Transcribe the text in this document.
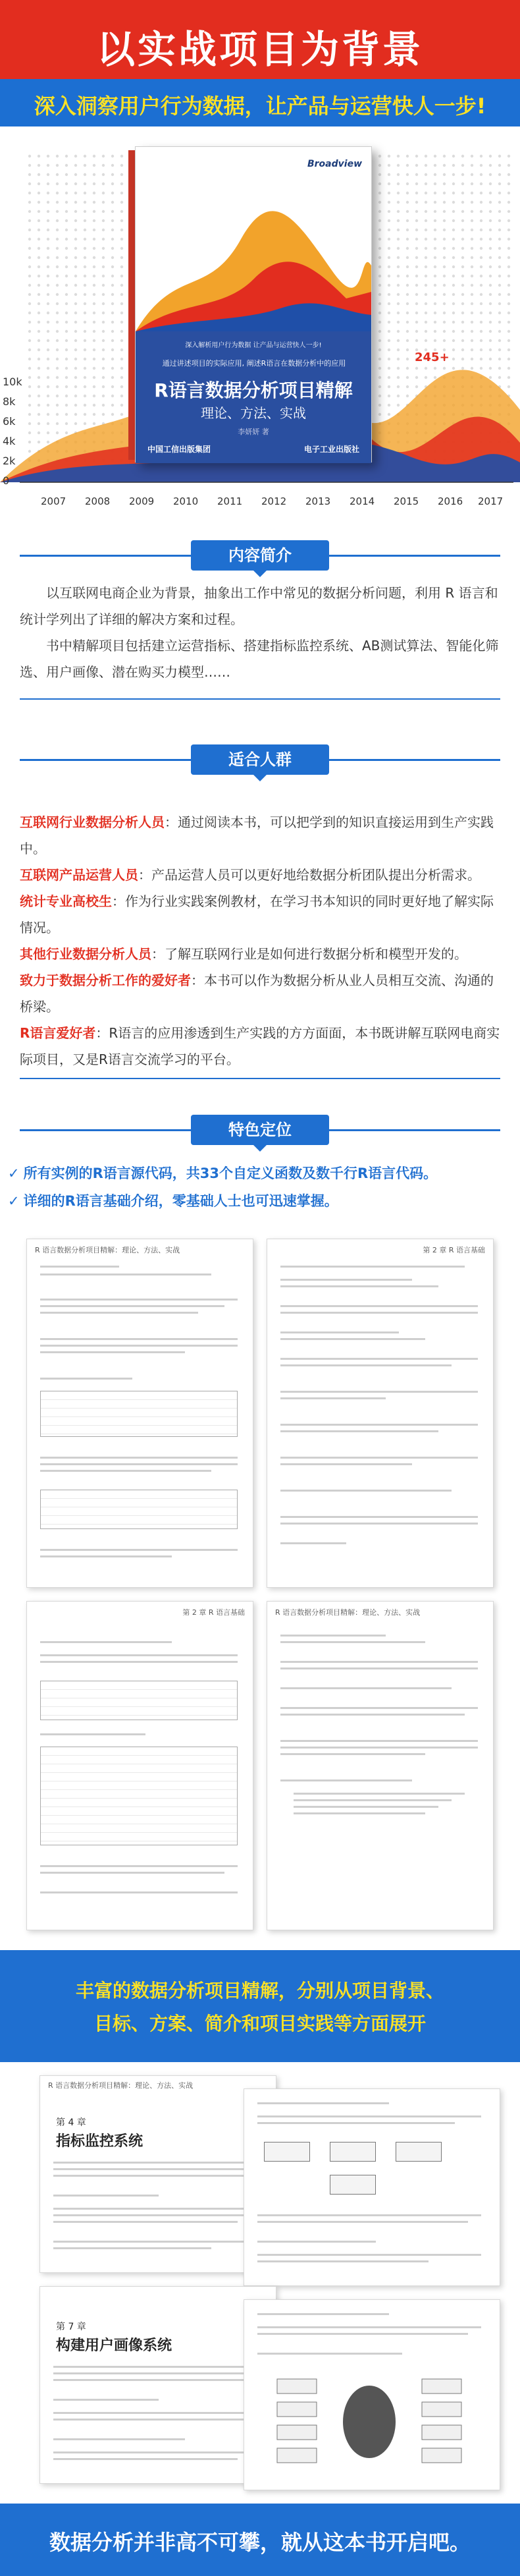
以实战项目为背景
深入洞察用户行为数据，让产品与运营快人一步!
10k
8k
6k
4k
2k
0
2007 2008 2009 2010 2011 2012 2013 2014 2015 2016 2017
245+
Broadview
深入解析用户行为数据 让产品与运营快人一步!
通过讲述项目的实际应用, 阐述R语言在数据分析中的应用
R语言数据分析项目精解
理论、方法、实战
李妍妍 著
中国工信出版集团	电子工业出版社
内容简介

以互联网电商企业为背景，抽象出工作中常见的数据分析问题，利用 R 语言和统计学列出了详细的解决方案和过程。

书中精解项目包括建立运营指标、搭建指标监控系统、AB测试算法、智能化筛选、用户画像、潜在购买力模型……

适合人群

互联网行业数据分析人员：通过阅读本书，可以把学到的知识直接运用到生产实践中。

互联网产品运营人员：产品运营人员可以更好地给数据分析团队提出分析需求。

统计专业高校生：作为行业实践案例教材，在学习书本知识的同时更好地了解实际情况。

其他行业数据分析人员：了解互联网行业是如何进行数据分析和模型开发的。

致力于数据分析工作的爱好者：本书可以作为数据分析从业人员相互交流、沟通的桥梁。

R语言爱好者：R语言的应用渗透到生产实践的方方面面，本书既讲解互联网电商实际项目，又是R语言交流学习的平台。

特色定位

✓ 所有实例的R语言源代码，共33个自定义函数及数千行R语言代码。

✓ 详细的R语言基础介绍，零基础人士也可迅速掌握。

R 语言数据分析项目精解：理论、方法、实战	第 2 章 R 语言基础
第 2 章 R 语言基础	R 语言数据分析项目精解：理论、方法、实战
丰富的数据分析项目精解，分别从项目背景、
目标、方案、简介和项目实践等方面展开
R 语言数据分析项目精解：理论、方法、实战
第 4 章
指标监控系统
第 7 章
构建用户画像系统
数据分析并非高不可攀，就从这本书开启吧。
